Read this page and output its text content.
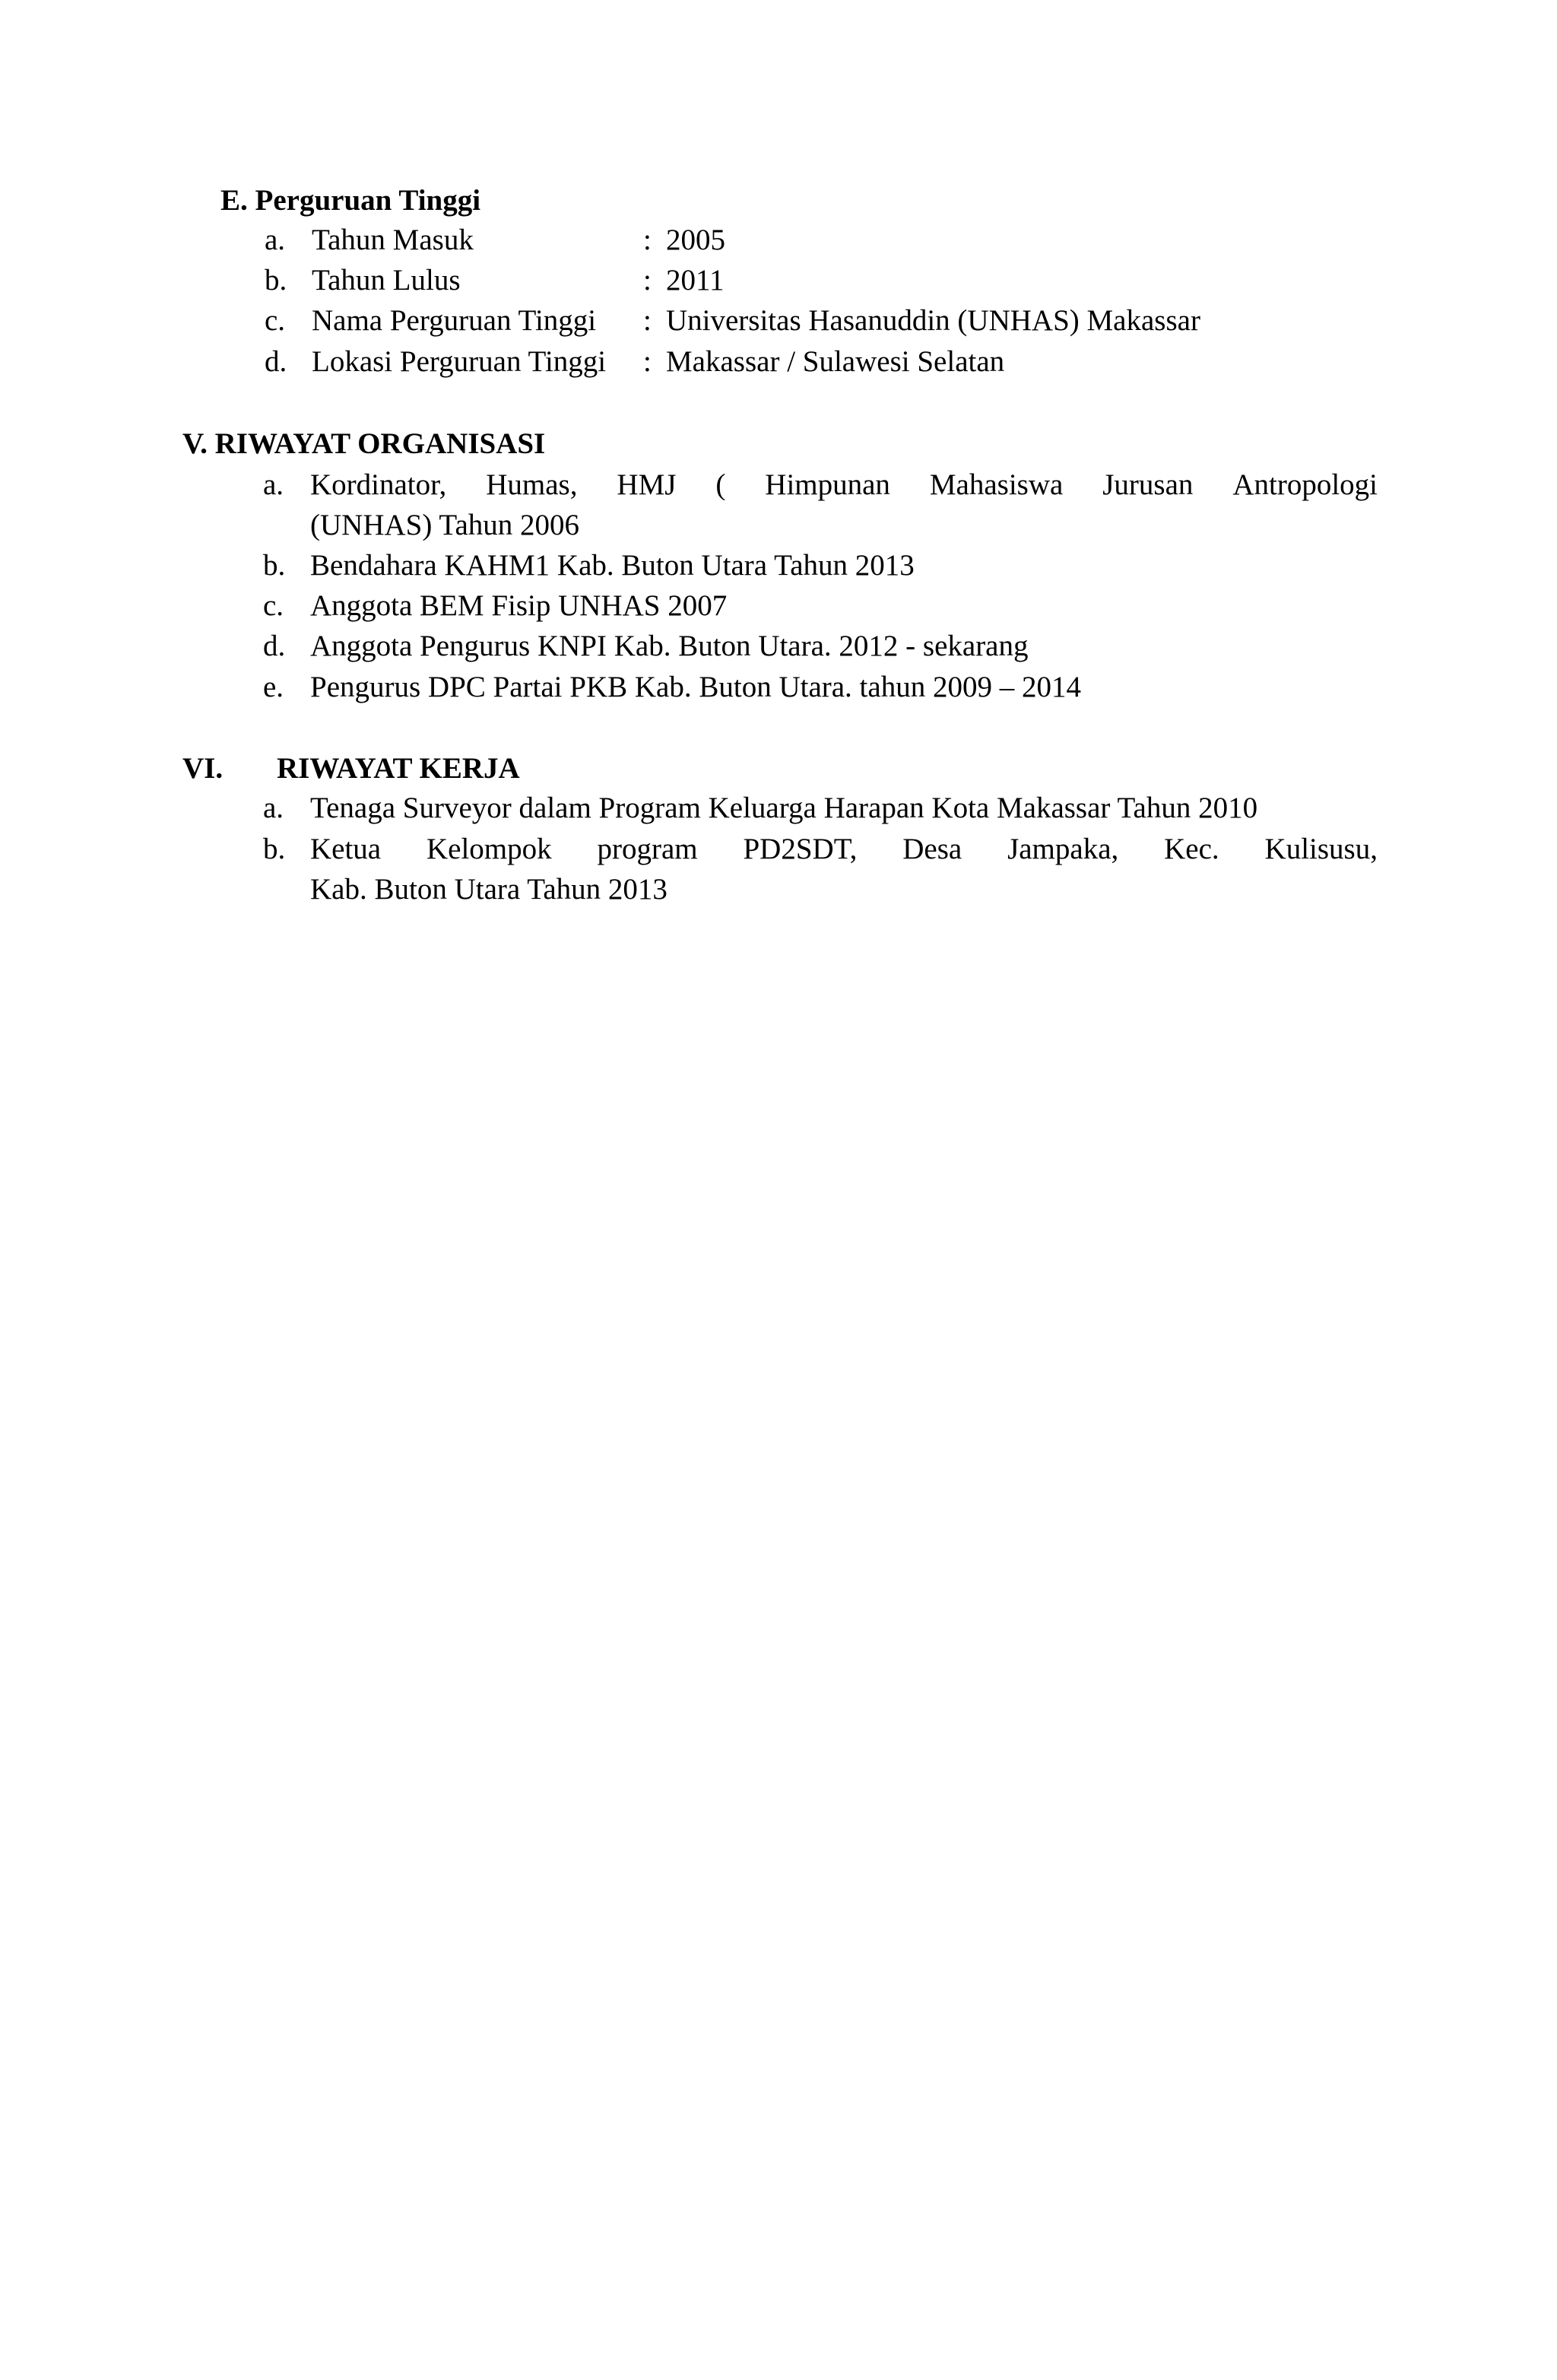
E. Perguruan Tinggi
a. Tahun Masuk	: 2005
b. Tahun Lulus	: 2011
c. Nama Perguruan Tinggi : Universitas Hasanuddin (UNHAS) Makassar
d. Lokasi Perguruan Tinggi : Makassar / Sulawesi Selatan
V. RIWAYAT ORGANISASI
a. Kordinator, Humas, HMJ ( Himpunan Mahasiswa Jurusan Antropologi
(UNHAS) Tahun 2006
b. Bendahara KAHM1 Kab. Buton Utara Tahun 2013
c. Anggota BEM Fisip UNHAS 2007
d. Anggota Pengurus KNPI Kab. Buton Utara. 2012 - sekarang
e. Pengurus DPC Partai PKB Kab. Buton Utara. tahun 2009 – 2014
VI. RIWAYAT KERJA
a. Tenaga Surveyor dalam Program Keluarga Harapan Kota Makassar Tahun 2010
b. Ketua Kelompok program PD2SDT, Desa Jampaka, Kec. Kulisusu,
Kab. Buton Utara Tahun 2013
